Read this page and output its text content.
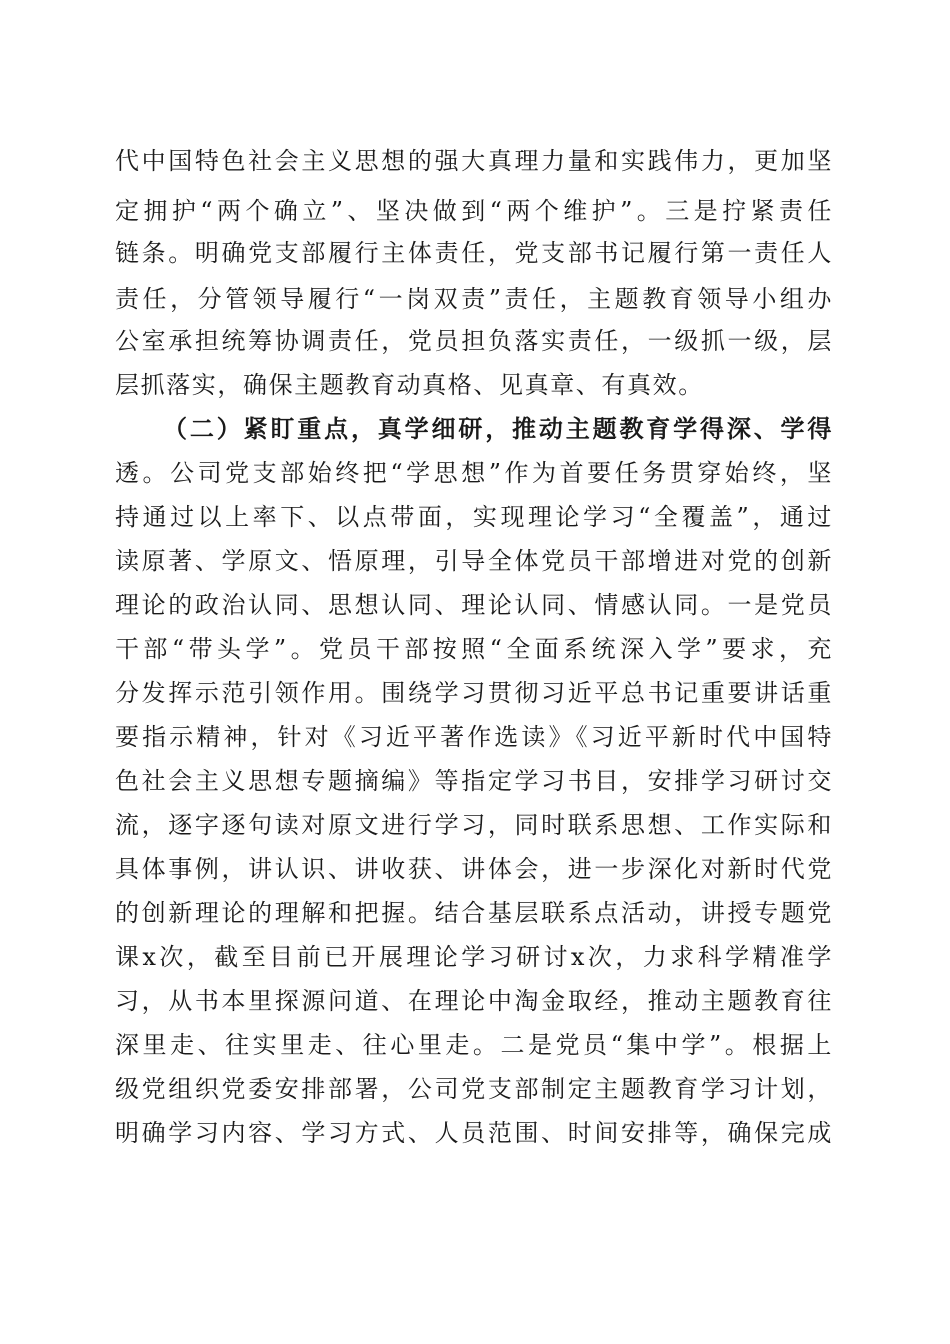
代中国特色社会主义思想的强大真理力量和实践伟力，更加坚
定拥护“两个确立”、坚决做到“两个维护”。三是拧紧责任
链条。明确党支部履行主体责任，党支部书记履行第一责任人
责任，分管领导履行“一岗双责”责任，主题教育领导小组办
公室承担统筹协调责任，党员担负落实责任，一级抓一级，层
层抓落实，确保主题教育动真格、见真章、有真效。
（二）紧盯重点，真学细研，推动主题教育学得深、学得
透。公司党支部始终把“学思想”作为首要任务贯穿始终，坚
持通过以上率下、以点带面，实现理论学习“全覆盖”，通过
读原著、学原文、悟原理，引导全体党员干部增进对党的创新
理论的政治认同、思想认同、理论认同、情感认同。一是党员
干部“带头学”。党员干部按照“全面系统深入学”要求，充
分发挥示范引领作用。围绕学习贯彻习近平总书记重要讲话重
要指示精神，针对《习近平著作选读》《习近平新时代中国特
色社会主义思想专题摘编》等指定学习书目，安排学习研讨交
流，逐字逐句读对原文进行学习，同时联系思想、工作实际和
具体事例，讲认识、讲收获、讲体会，进一步深化对新时代党
的创新理论的理解和把握。结合基层联系点活动，讲授专题党
课x次，截至目前已开展理论学习研讨x次，力求科学精准学
习，从书本里探源问道、在理论中淘金取经，推动主题教育往
深里走、往实里走、往心里走。二是党员“集中学”。根据上
级党组织党委安排部署，公司党支部制定主题教育学习计划，
明确学习内容、学习方式、人员范围、时间安排等，确保完成
